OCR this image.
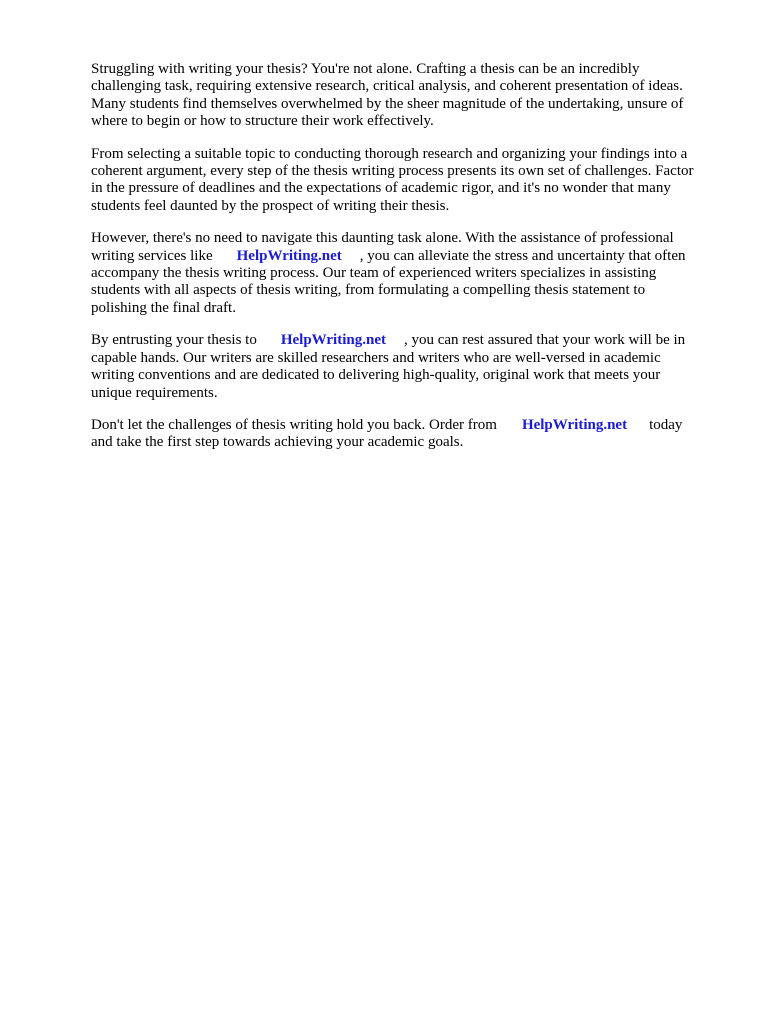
Struggling with writing your thesis? You're not alone. Crafting a thesis can be an incredibly
challenging task, requiring extensive research, critical analysis, and coherent presentation of ideas.
Many students find themselves overwhelmed by the sheer magnitude of the undertaking, unsure of
where to begin or how to structure their work effectively.

From selecting a suitable topic to conducting thorough research and organizing your findings into a
coherent argument, every step of the thesis writing process presents its own set of challenges. Factor
in the pressure of deadlines and the expectations of academic rigor, and it's no wonder that many
students feel daunted by the prospect of writing their thesis.

However, there's no need to navigate this daunting task alone. With the assistance of professional
writing services like HelpWriting.net , you can alleviate the stress and uncertainty that often
accompany the thesis writing process. Our team of experienced writers specializes in assisting
students with all aspects of thesis writing, from formulating a compelling thesis statement to
polishing the final draft.

By entrusting your thesis to HelpWriting.net , you can rest assured that your work will be in
capable hands. Our writers are skilled researchers and writers who are well-versed in academic
writing conventions and are dedicated to delivering high-quality, original work that meets your
unique requirements.

Don't let the challenges of thesis writing hold you back. Order from HelpWriting.net today
and take the first step towards achieving your academic goals.
